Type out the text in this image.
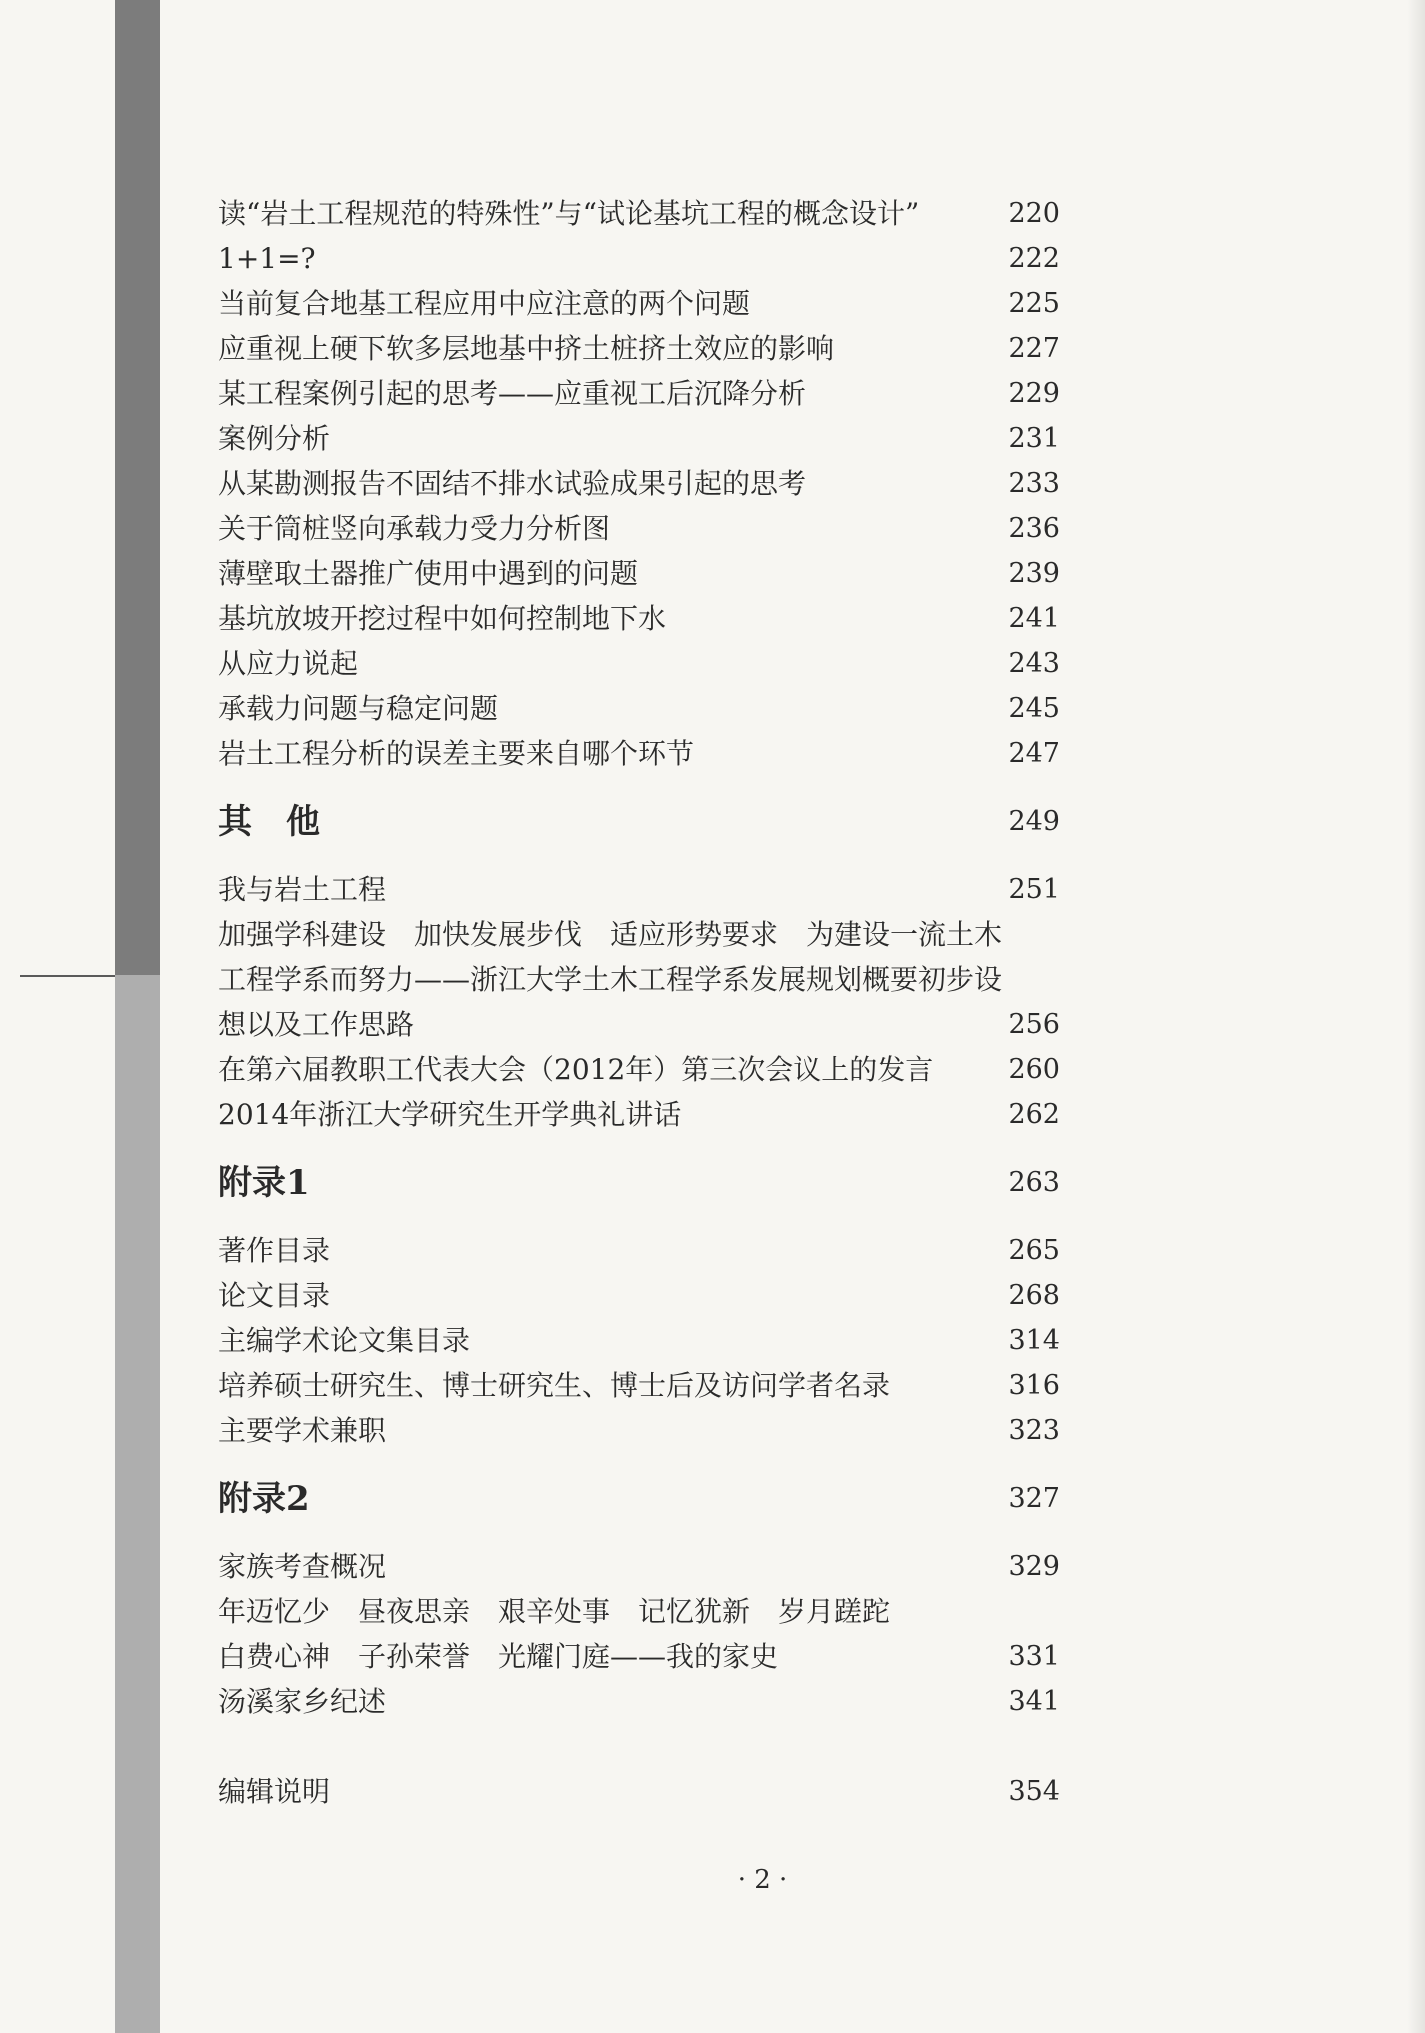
读“岩土工程规范的特殊性”与“试论基坑工程的概念设计”	220
1+1=?	222
当前复合地基工程应用中应注意的两个问题	225
应重视上硬下软多层地基中挤土桩挤土效应的影响	227
某工程案例引起的思考——应重视工后沉降分析	229
案例分析	231
从某勘测报告不固结不排水试验成果引起的思考	233
关于筒桩竖向承载力受力分析图	236
薄壁取土器推广使用中遇到的问题	239
基坑放坡开挖过程中如何控制地下水	241
从应力说起	243
承载力问题与稳定问题	245
岩土工程分析的误差主要来自哪个环节	247
其　他	249
我与岩土工程	251
加强学科建设　加快发展步伐　适应形势要求　为建设一流土木
工程学系而努力——浙江大学土木工程学系发展规划概要初步设
想以及工作思路	256
在第六届教职工代表大会（2012年）第三次会议上的发言	260
2014年浙江大学研究生开学典礼讲话	262
附录1	263
著作目录	265
论文目录	268
主编学术论文集目录	314
培养硕士研究生、博士研究生、博士后及访问学者名录	316
主要学术兼职	323
附录2	327
家族考查概况	329
年迈忆少　昼夜思亲　艰辛处事　记忆犹新　岁月蹉跎
白费心神　子孙荣誉　光耀门庭——我的家史	331
汤溪家乡纪述	341
编辑说明	354
· 2 ·
